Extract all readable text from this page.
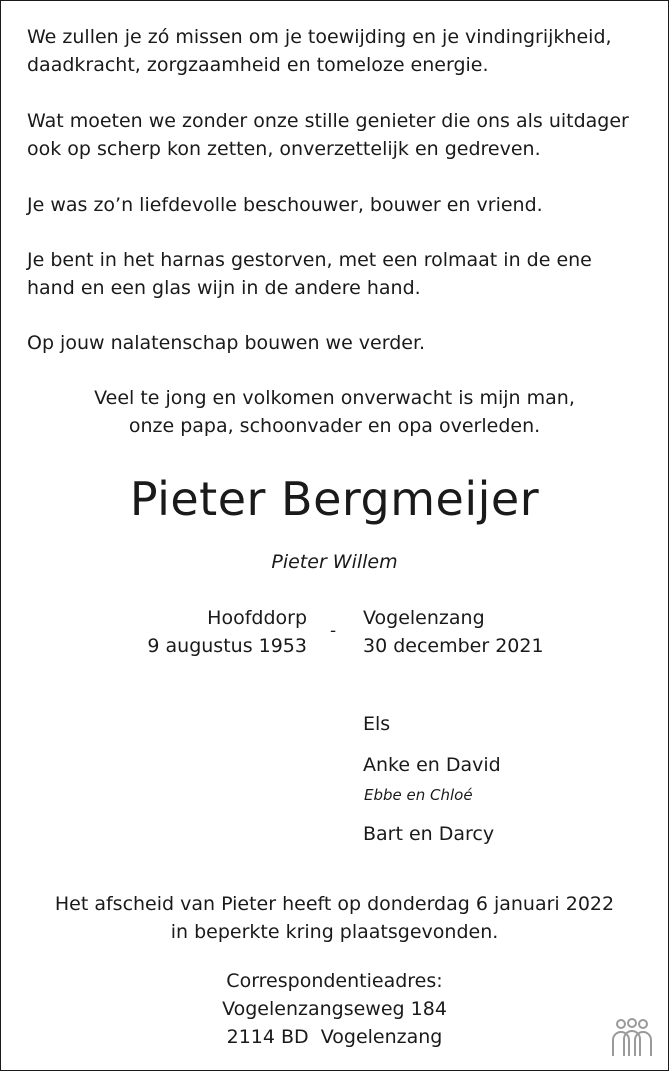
We zullen je zó missen om je toewijding en je vindingrijkheid,
daadkracht, zorgzaamheid en tomeloze energie.

Wat moeten we zonder onze stille genieter die ons als uitdager
ook op scherp kon zetten, onverzettelijk en gedreven.

Je was zo’n liefdevolle beschouwer, bouwer en vriend.

Je bent in het harnas gestorven, met een rolmaat in de ene
hand en een glas wijn in de andere hand.

Op jouw nalatenschap bouwen we verder.

Veel te jong en volkomen onverwacht is mijn man,
onze papa, schoonvader en opa overleden.

Pieter Bergmeijer

Pieter Willem

Hoofddorp
9 augustus 1953
-
Vogelenzang
30 december 2021
Els
Anke en David
Ebbe en Chloé
Bart en Darcy

Het afscheid van Pieter heeft op donderdag 6 januari 2022
in beperkte kring plaatsgevonden.

Correspondentieadres:
Vogelenzangseweg 184
2114 BD  Vogelenzang
